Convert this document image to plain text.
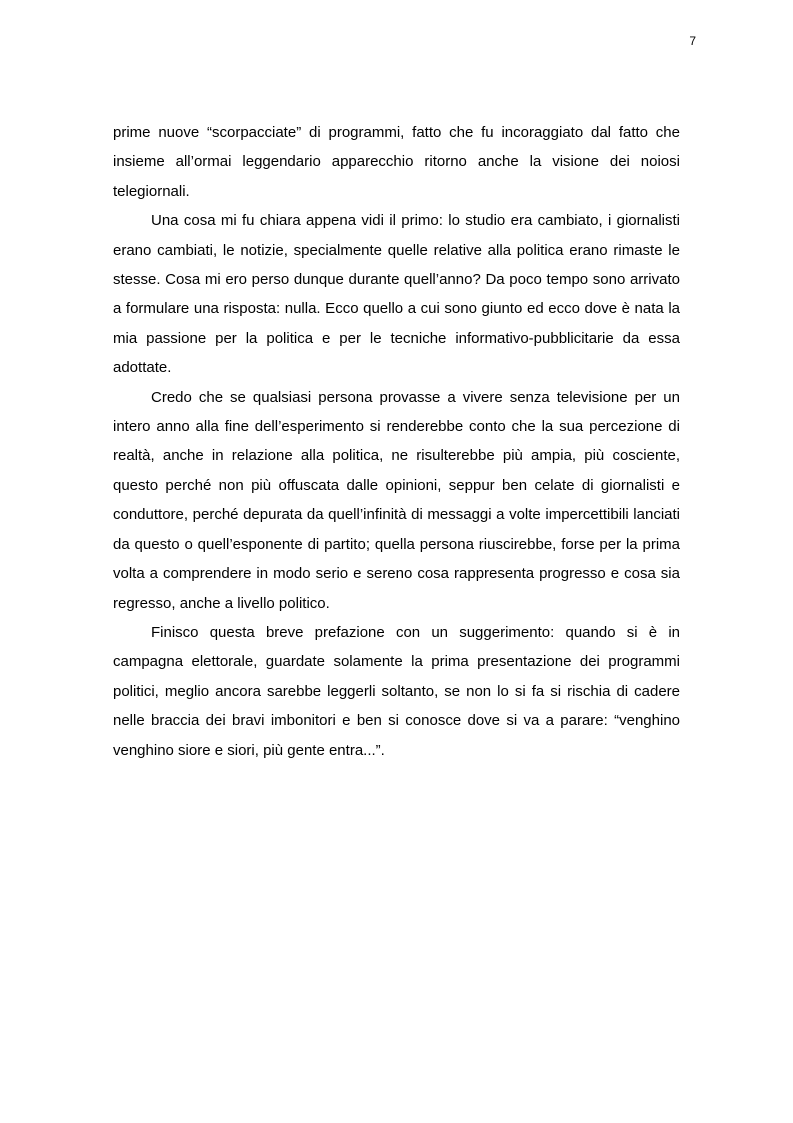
7

prime nuove “scorpacciate” di programmi, fatto che fu incoraggiato dal fatto che insieme all’ormai leggendario apparecchio ritorno anche la visione dei noiosi telegiornali.

Una cosa mi fu chiara appena vidi il primo: lo studio era cambiato, i giornalisti erano cambiati, le notizie, specialmente quelle relative alla politica erano rimaste le stesse. Cosa mi ero perso dunque durante quell’anno? Da poco tempo sono arrivato a formulare una risposta: nulla. Ecco quello a cui sono giunto ed ecco dove è nata la mia passione per la politica e per le tecniche informativo-pubblicitarie da essa adottate.

Credo che se qualsiasi persona provasse a vivere senza televisione per un intero anno alla fine dell’esperimento si renderebbe conto che la sua percezione di realtà, anche in relazione alla politica, ne risulterebbe più ampia, più cosciente, questo perché non più offuscata dalle opinioni, seppur ben celate di giornalisti e conduttore, perché depurata da quell’infinità di messaggi a volte impercettibili lanciati da questo o quell’esponente di partito; quella persona riuscirebbe, forse per la prima volta a comprendere in modo serio e sereno cosa rappresenta progresso e cosa sia regresso, anche a livello politico.

Finisco questa breve prefazione con un suggerimento: quando si è in campagna elettorale, guardate solamente la prima presentazione dei programmi politici, meglio ancora sarebbe leggerli soltanto, se non lo si fa si rischia di cadere nelle braccia dei bravi imbonitori e ben si conosce dove si va a parare: “venghino venghino siore e siori, più gente entra...”.
